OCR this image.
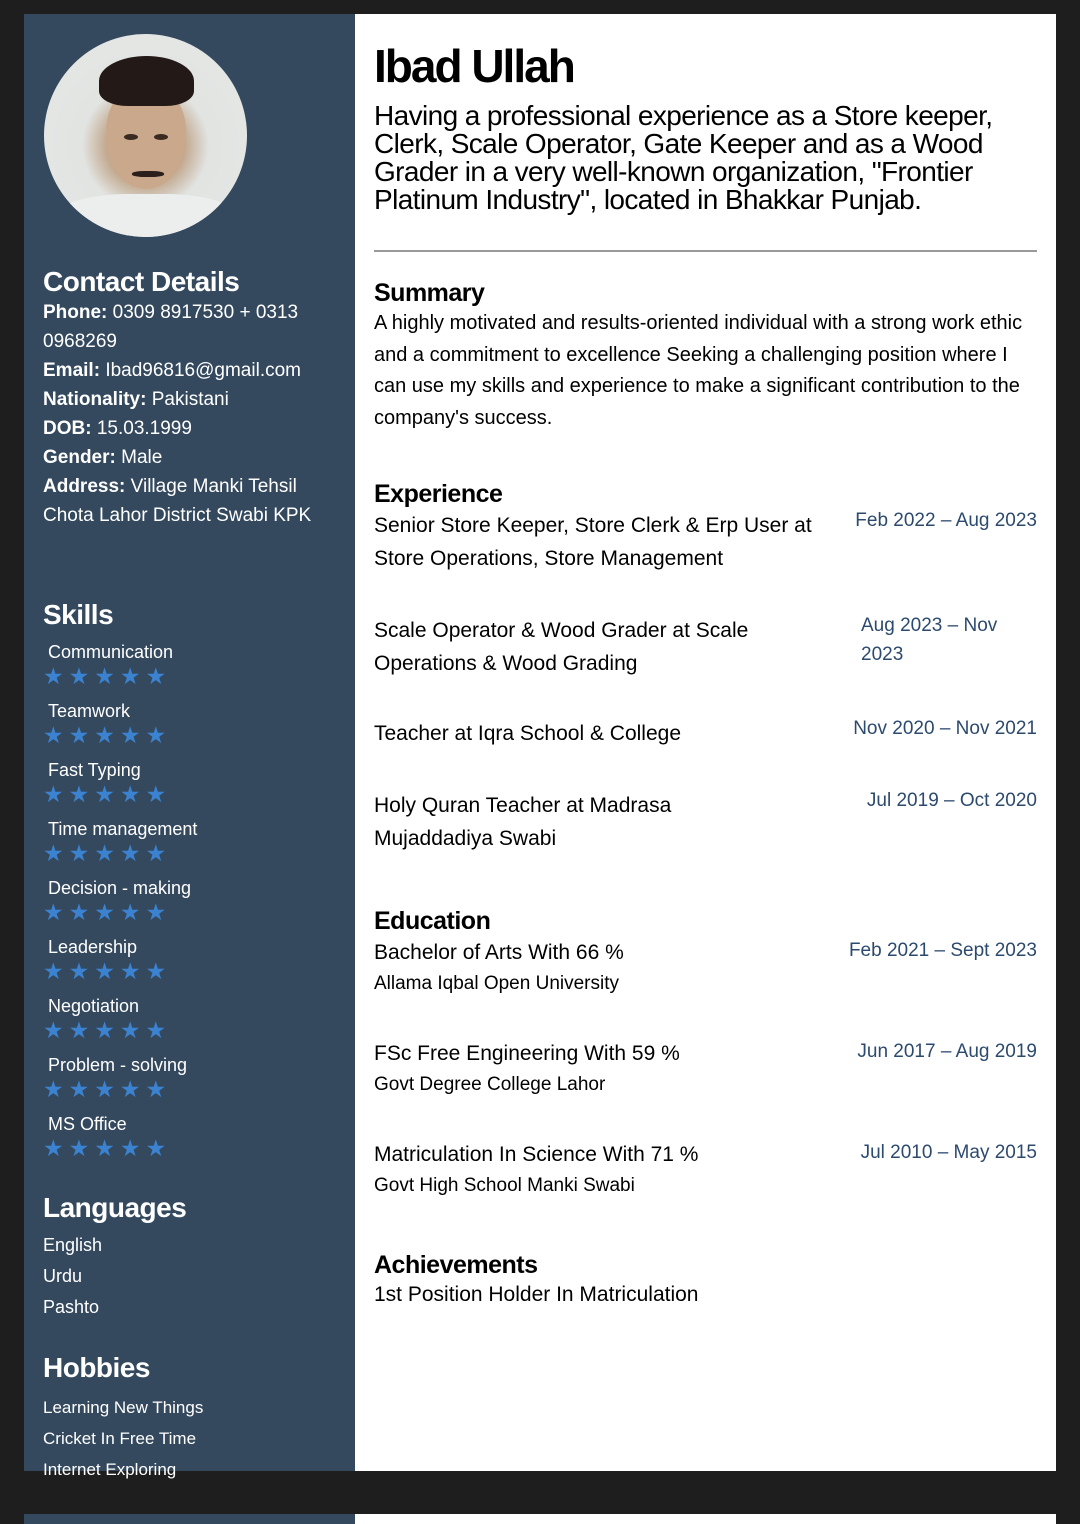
Contact Details
Phone: 0309 8917530 + 0313 0968269
Email: Ibad96816@gmail.com
Nationality: Pakistani
DOB: 15.03.1999
Gender: Male
Address: Village Manki Tehsil Chota Lahor District Swabi KPK
Skills
Communication
★★★★★
Teamwork
★★★★★
Fast Typing
★★★★★
Time management
★★★★★
Decision - making
★★★★★
Leadership
★★★★★
Negotiation
★★★★★
Problem - solving
★★★★★
MS Office
★★★★★
Languages
English
Urdu
Pashto
Hobbies
Learning New Things
Cricket In Free Time
Internet Exploring
Ibad Ullah

Having a professional experience as a Store keeper, Clerk, Scale Operator, Gate Keeper and as a Wood Grader in a very well-known organization, "Frontier Platinum Industry", located in Bhakkar Punjab.

Summary

A highly motivated and results-oriented individual with a strong work ethic and a commitment to excellence Seeking a challenging position where I can use my skills and experience to make a significant contribution to the company's success.

Experience
Senior Store Keeper, Store Clerk & Erp User at Store Operations, Store Management
Feb 2022 – Aug 2023
Scale Operator & Wood Grader at Scale Operations & Wood Grading
Aug 2023 – Nov 2023
Teacher at Iqra School & College	Nov 2020 – Nov 2021
Holy Quran Teacher at Madrasa Mujaddadiya Swabi
Jul 2019 – Oct 2020
Education
Bachelor of Arts With 66 %
Allama Iqbal Open University
Feb 2021 – Sept 2023
FSc Free Engineering With 59 %
Govt Degree College Lahor
Jun 2017 – Aug 2019
Matriculation In Science With 71 %
Govt High School Manki Swabi
Jul 2010 – May 2015
Achievements

1st Position Holder In Matriculation
